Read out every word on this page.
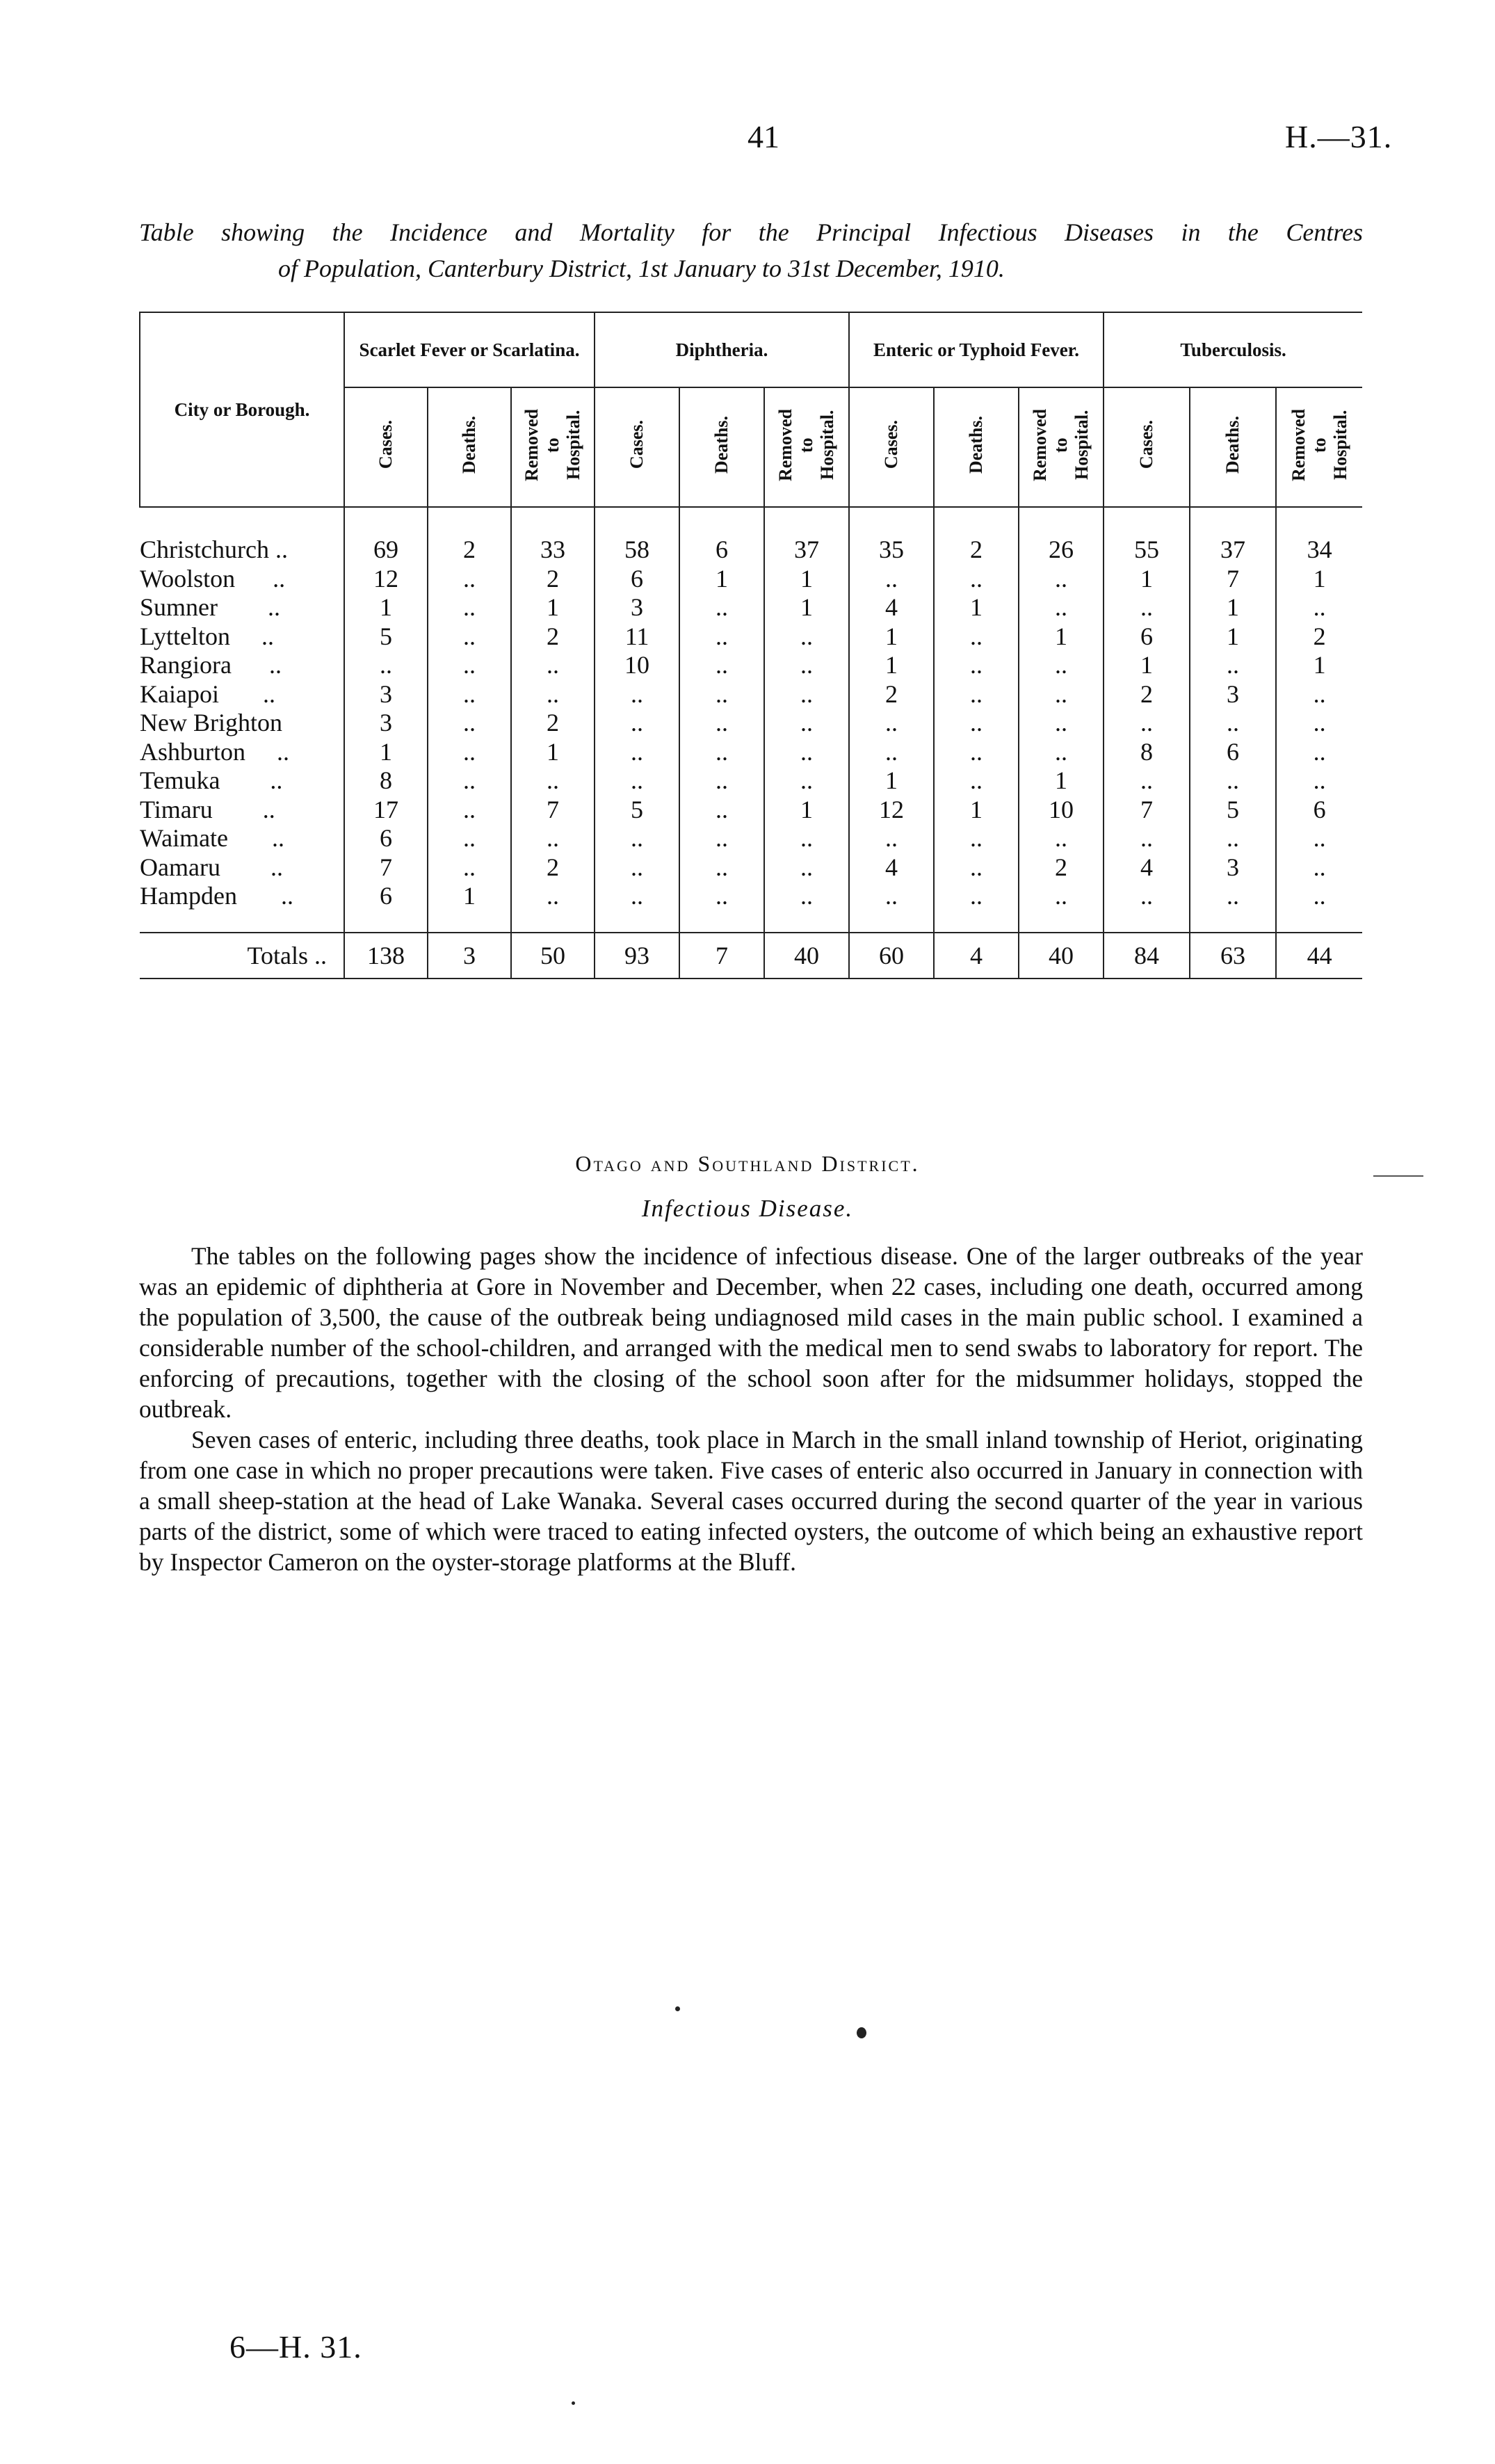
41	H.—31.
Table showing the Incidence and Mortality for the Principal Infectious Diseases in the Centres
of Population, Canterbury District, 1st January to 31st December, 1910.
City or Borough.	Scarlet Fever or Scarlatina.			Diphtheria.			Enteric or Typhoid Fever.			Tuberculosis.		
	Cases.	Deaths.	Removed
to
Hospital.	Cases.	Deaths.	Removed
to
Hospital.	Cases.	Deaths.	Removed
to
Hospital.	Cases.	Deaths.	Removed
to
Hospital.

Christchurch ..	69	2	33	58	6	37	35	2	26	55	37	34
Woolston      ..	12	..	2	6	1	1	..	..	..	1	7	1
Sumner        ..	1	..	1	3	..	1	4	1	..	..	1	..
Lyttelton     ..	5	..	2	11	..	..	1	..	1	6	1	2
Rangiora      ..	..	..	..	10	..	..	1	..	..	1	..	1
Kaiapoi       ..	3	..	..	..	..	..	2	..	..	2	3	..
New Brighton	3	..	2	..	..	..	..	..	..	..	..	..
Ashburton     ..	1	..	1	..	..	..	..	..	..	8	6	..
Temuka        ..	8	..	..	..	..	..	1	..	1	..	..	..
Timaru        ..	17	..	7	5	..	1	12	1	10	7	5	6
Waimate       ..	6	..	..	..	..	..	..	..	..	..	..	..
Oamaru        ..	7	..	2	..	..	..	4	..	2	4	3	..
Hampden       ..	6	1	..	..	..	..	..	..	..	..	..	..

Totals ..	138	3	50	93	7	40	60	4	40	84	63	44
Otago and Southland District.
Infectious Disease.

The tables on the following pages show the incidence of infectious disease. One of the larger outbreaks of the year was an epidemic of diphtheria at Gore in November and December, when 22 cases, including one death, occurred among the population of 3,500, the cause of the outbreak being undiagnosed mild cases in the main public school. I examined a considerable number of the school-children, and arranged with the medical men to send swabs to laboratory for report. The enforcing of precautions, together with the closing of the school soon after for the midsummer holidays, stopped the outbreak.

Seven cases of enteric, including three deaths, took place in March in the small inland township of Heriot, originating from one case in which no proper precautions were taken. Five cases of enteric also occurred in January in connection with a small sheep-station at the head of Lake Wanaka. Several cases occurred during the second quarter of the year in various parts of the district, some of which were traced to eating infected oysters, the outcome of which being an exhaustive report by Inspector Cameron on the oyster-storage platforms at the Bluff.

6—H. 31.
